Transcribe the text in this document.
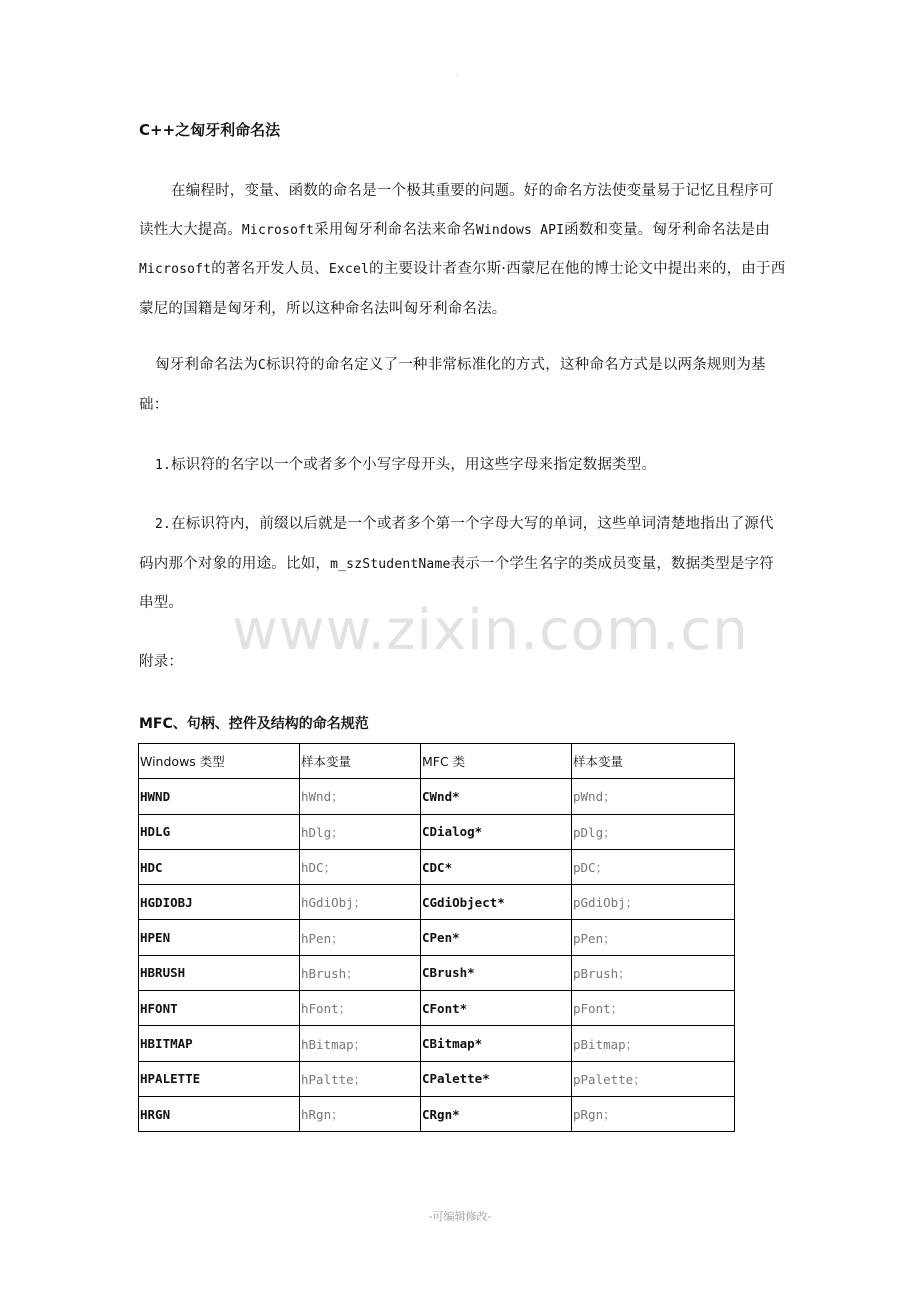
.
C++之匈牙利命名法
在编程时，变量、函数的命名是一个极其重要的问题。好的命名方法使变量易于记忆且程序可读性大大提高。Microsoft采用匈牙利命名法来命名Windows API函数和变量。匈牙利命名法是由Microsoft的著名开发人员、Excel的主要设计者查尔斯·西蒙尼在他的博士论文中提出来的，由于西蒙尼的国籍是匈牙利，所以这种命名法叫匈牙利命名法。
匈牙利命名法为C标识符的命名定义了一种非常标准化的方式，这种命名方式是以两条规则为基础：
1.标识符的名字以一个或者多个小写字母开头，用这些字母来指定数据类型。
2.在标识符内，前缀以后就是一个或者多个第一个字母大写的单词，这些单词清楚地指出了源代码内那个对象的用途。比如，m_szStudentName表示一个学生名字的类成员变量，数据类型是字符串型。
附录： www.zixin.com.cn
MFC、句柄、控件及结构的命名规范
Windows 类型	样本变量	MFC 类	样本变量
HWND	hWnd；	CWnd*	pWnd；
HDLG	hDlg；	CDialog*	pDlg；
HDC	hDC；	CDC*	pDC；
HGDIOBJ	hGdiObj；	CGdiObject*	pGdiObj；
HPEN	hPen；	CPen*	pPen；
HBRUSH	hBrush；	CBrush*	pBrush；
HFONT	hFont；	CFont*	pFont；
HBITMAP	hBitmap；	CBitmap*	pBitmap；
HPALETTE	hPaltte；	CPalette*	pPalette；
HRGN	hRgn；	CRgn*	pRgn；
-可编辑修改-
